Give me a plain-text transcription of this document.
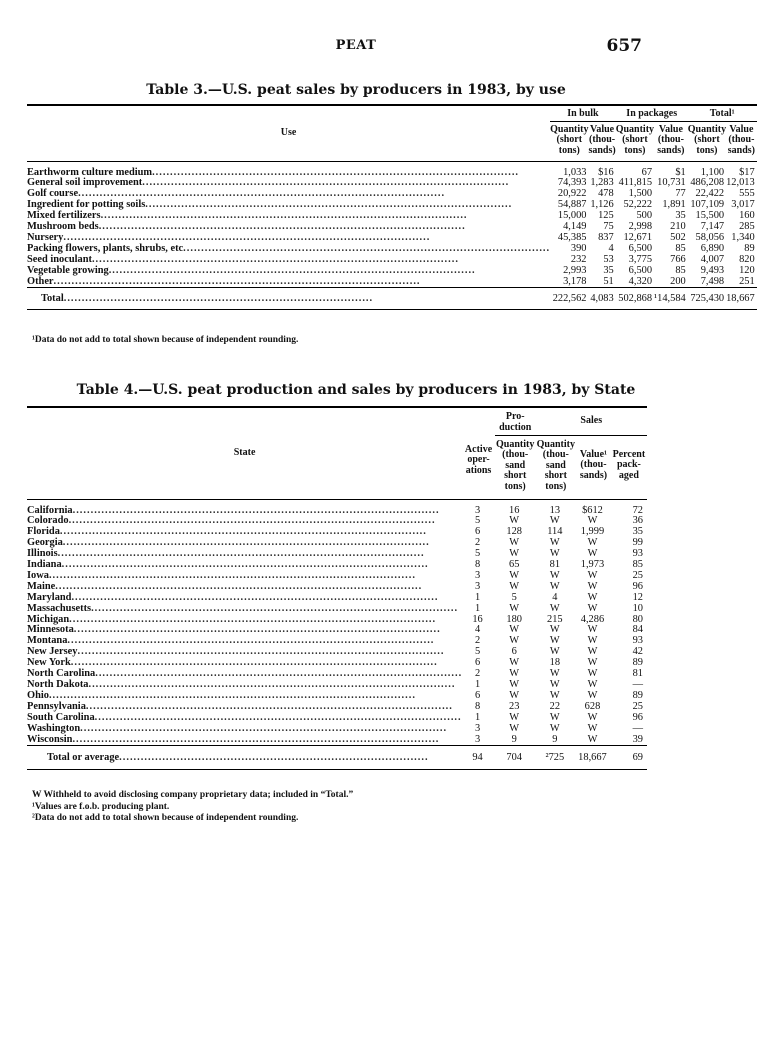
PEAT	657
Table 3.—U.S. peat sales by producers in 1983, by use
Use	In bulk		In packages		Total¹	
	Quantity (short tons)	Value (thou- sands)	Quantity (short tons)	Value (thou- sands)	Quantity (short tons)	Value (thou- sands)
Earthworm culture medium......................................................................................................	1,033	$16	67	$1	1,100	$17
General soil improvement......................................................................................................	74,393	1,283	411,815	10,731	486,208	12,013
Golf course......................................................................................................	20,922	478	1,500	77	22,422	555
Ingredient for potting soils......................................................................................................	54,887	1,126	52,222	1,891	107,109	3,017
Mixed fertilizers......................................................................................................	15,000	125	500	35	15,500	160
Mushroom beds......................................................................................................	4,149	75	2,998	210	7,147	285
Nursery......................................................................................................	45,385	837	12,671	502	58,056	1,340
Packing flowers, plants, shrubs, etc......................................................................................................	390	4	6,500	85	6,890	89
Seed inoculant......................................................................................................	232	53	3,775	766	4,007	820
Vegetable growing......................................................................................................	2,993	35	6,500	85	9,493	120
Other......................................................................................................	3,178	51	4,320	200	7,498	251
Total......................................................................................	222,562	4,083	502,868	¹14,584	725,430	18,667
¹Data do not add to total shown because of independent rounding.
Table 4.—U.S. peat production and sales by producers in 1983, by State
State	Active oper- ations	Pro- duction	Sales		
		Quantity (thou- sand short tons)	Quantity (thou- sand short tons)	Value¹ (thou- sands)	Percent pack- aged
California......................................................................................................	3	16	13	$612	72
Colorado......................................................................................................	5	W	W	W	36
Florida......................................................................................................	6	128	114	1,999	35
Georgia......................................................................................................	2	W	W	W	99
Illinois......................................................................................................	5	W	W	W	93
Indiana......................................................................................................	8	65	81	1,973	85
Iowa......................................................................................................	3	W	W	W	25
Maine......................................................................................................	3	W	W	W	96
Maryland......................................................................................................	1	5	4	W	12
Massachusetts......................................................................................................	1	W	W	W	10
Michigan......................................................................................................	16	180	215	4,286	80
Minnesota......................................................................................................	4	W	W	W	84
Montana......................................................................................................	2	W	W	W	93
New Jersey......................................................................................................	5	6	W	W	42
New York......................................................................................................	6	W	18	W	89
North Carolina......................................................................................................	2	W	W	W	81
North Dakota......................................................................................................	1	W	W	W	—
Ohio......................................................................................................	6	W	W	W	89
Pennsylvania......................................................................................................	8	23	22	628	25
South Carolina......................................................................................................	1	W	W	W	96
Washington......................................................................................................	3	W	W	W	—
Wisconsin......................................................................................................	3	9	9	W	39
Total or average......................................................................................	94	704	²725	18,667	69
W Withheld to avoid disclosing company proprietary data; included in “Total.”
¹Values are f.o.b. producing plant.
²Data do not add to total shown because of independent rounding.
